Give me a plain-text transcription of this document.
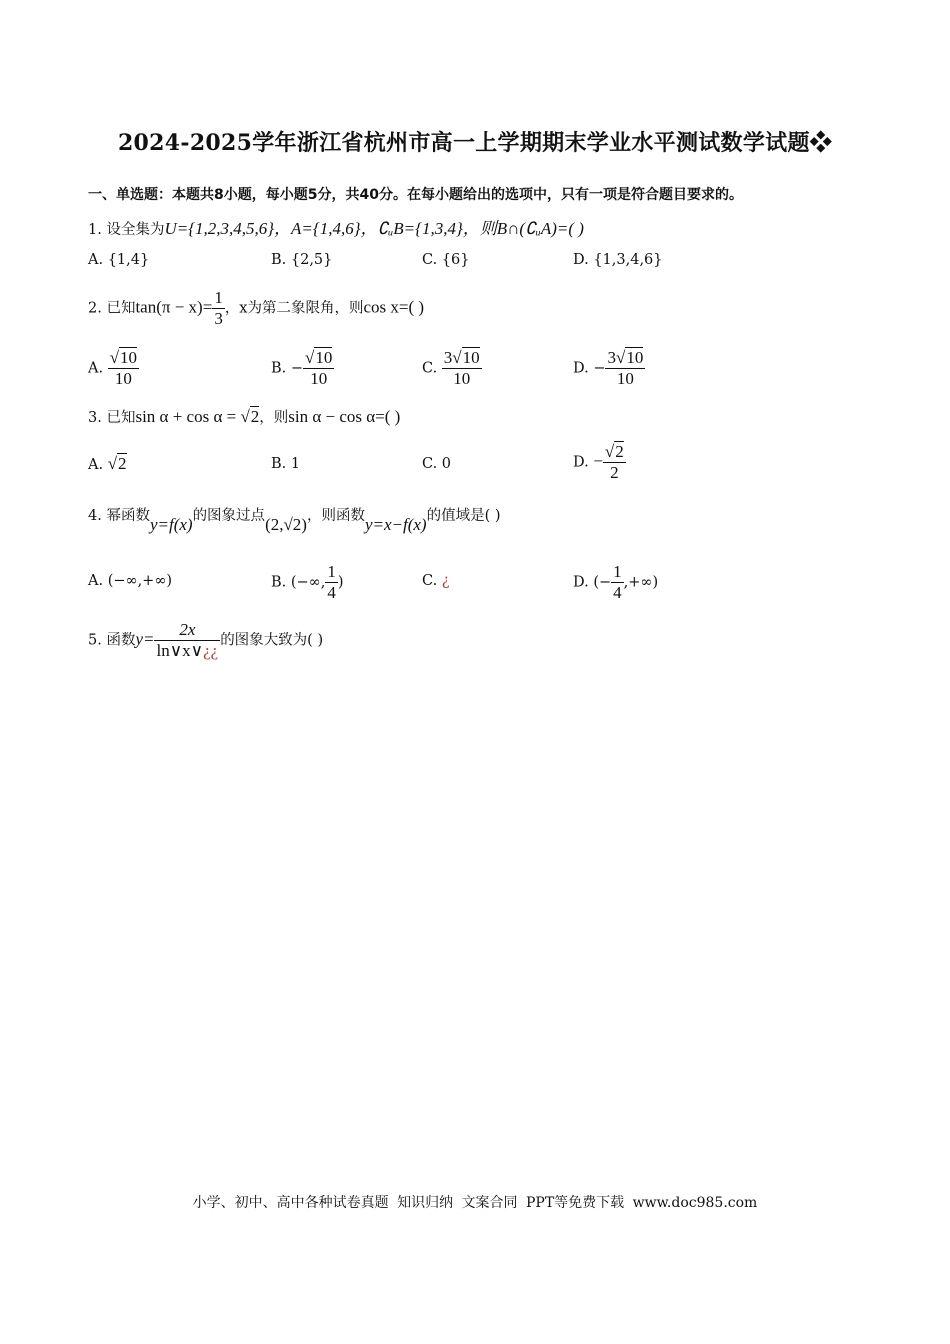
2024-2025学年浙江省杭州市高一上学期期末学业水平测试数学试题❖
一、单选题：本题共8小题，每小题5分，共40分。在每小题给出的选项中，只有一项是符合题目要求的。
1. 设全集为U={1,2,3,4,5,6}，A={1,4,6}，∁ᵤB={1,3,4}，则B∩(∁ᵤA)=( )
A. {1,4}	B. {2,5}	C. {6}	D. {1,3,4,6}
2. 已知$\tan(\pi - x)= \frac{1}{3}$ ，x为第二象限角，则cos x=( )
A. $\frac{√10}{10}$	B. − $\frac{√10}{10}$	C. $\frac{3√10}{10}$	D. − $\frac{3√10}{10}$
3. 已知sin α + cos α = √2，则sin α − cos α=( )
A. √2	B. 1	C. 0	D. − $\frac{√2}{2}$
4. 幂函数y=f(x)的图象过点(2,√2)，则函数y=x−f(x)的值域是( )
A. (−∞,+∞)	B. (−∞, $\frac{1}{4}$ )	C. ¿	D. (− $\frac{1}{4}$ ,+∞)
5. 函数$y= \frac{2x}{\ln\vee x\vee¿¿}$ 的图象大致为( )
小学、初中、高中各种试卷真题 知识归纳 文案合同 PPT等免费下载 www.doc985.com
